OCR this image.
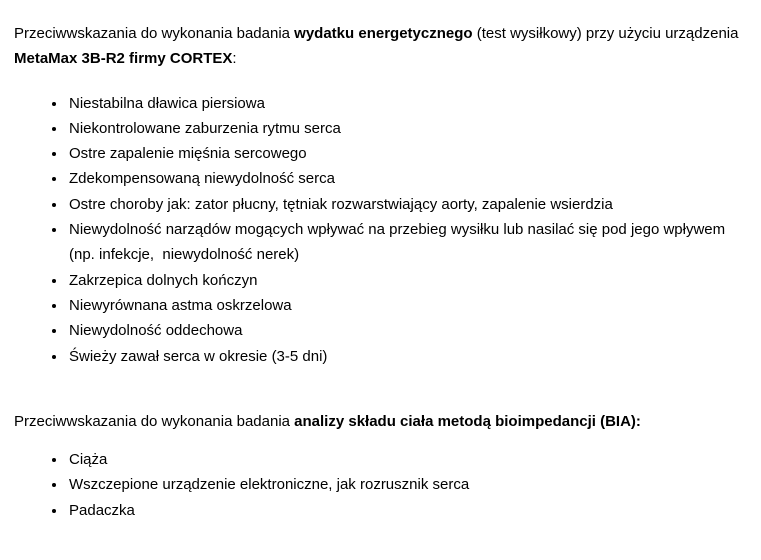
Przeciwwskazania do wykonania badania wydatku energetycznego (test wysiłkowy) przy użyciu urządzenia MetaMax 3B-R2 firmy CORTEX:

• Niestabilna dławica piersiowa
• Niekontrolowane zaburzenia rytmu serca
• Ostre zapalenie mięśnia sercowego
• Zdekompensowaną niewydolność serca
• Ostre choroby jak: zator płucny, tętniak rozwarstwiający aorty, zapalenie wsierdzia
• Niewydolność narządów mogących wpływać na przebieg wysiłku lub nasilać się pod jego wpływem (np. infekcje,  niewydolność nerek)
• Zakrzepica dolnych kończyn
• Niewyrównana astma oskrzelowa
• Niewydolność oddechowa
• Świeży zawał serca w okresie (3-5 dni)

Przeciwwskazania do wykonania badania analizy składu ciała metodą bioimpedancji (BIA):

• Ciąża
• Wszczepione urządzenie elektroniczne, jak rozrusznik serca
• Padaczka
